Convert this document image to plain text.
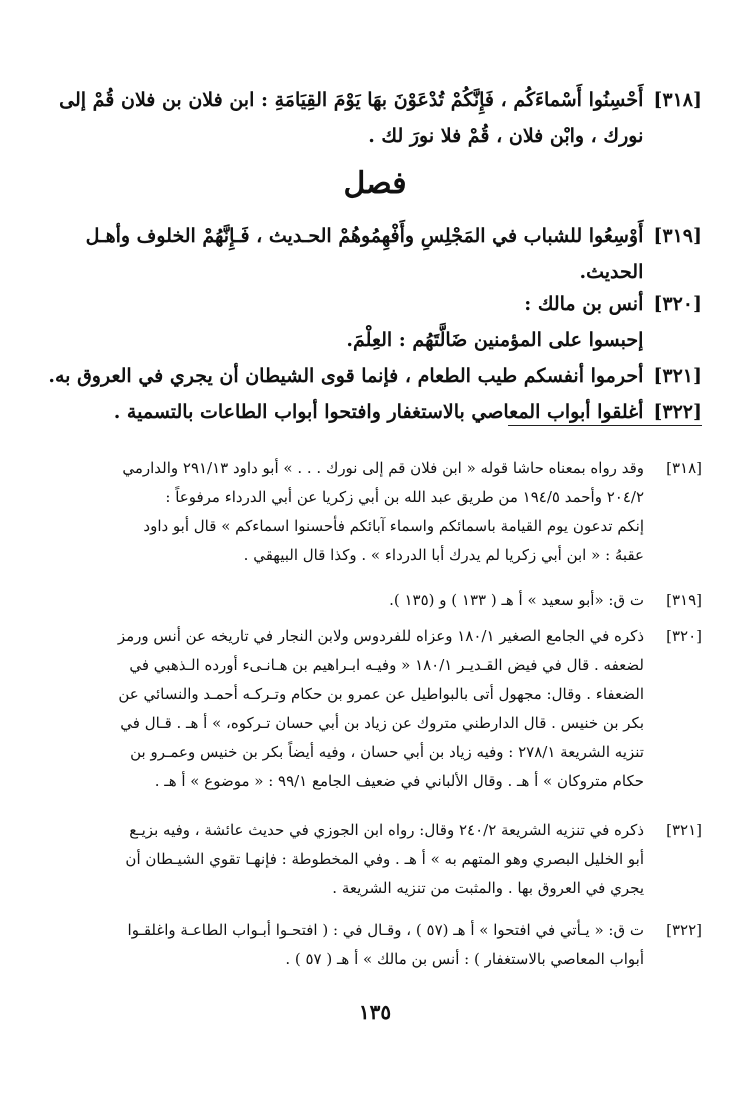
[٣١٨]

أَحْسِنُوا أَسْماءَكُم ، فَإِنَّكُمْ تُدْعَوْنَ بهَا يَوْمَ القِيَامَةِ : ابن فلان بن فلان قُمْ إلى

نورك ، وابْن فلان ، قُمْ فلا نورَ لك .

فصل
[٣١٩]

أَوْسِعُوا للشباب في المَجْلِسِ وأَفْهِمُوهُمْ الحـديث ، فَـإِنَّهُمْ الخلوف وأهـل

الحديث.

[٣٢٠]

أنس بن مالك :

إحبسوا على المؤمنين ضَالَّتَهُم : العِلْمَ.

[٣٢١]

أحرموا أنفسكم طيب الطعام ، فإنما قوى الشيطان أن يجري في العروق به.

[٣٢٢]

أغلقوا أبواب المعاصي بالاستغفار وافتحوا أبواب الطاعات بالتسمية .

[٣١٨]

وقد رواه بمعناه حاشا قوله « ابن فلان قم إلى نورك . . . » أبو داود ٢٩١/١٣ والدارمي

٢٠٤/٢ وأحمد ١٩٤/٥ من طريق عبد الله بن أبي زكريا عن أبي الدرداء مرفوعاً :

إنكم تدعون يوم القيامة باسمائكم واسماء آبائكم فأحسنوا اسماءكم » قال أبو داود

عقبهُ : « ابن أبي زكريا لم يدرك أبا الدرداء » . وكذا قال البيهقي .

[٣١٩]

ت ق: «أبو سعيد » أ هـ ( ١٣٣ ) و (١٣٥ ).

[٣٢٠]

ذكره في الجامع الصغير ١٨٠/١ وعزاه للفردوس ولابن النجار في تاريخه عن أنس ورمز

لضعفه . قال في فيض القـديـر ١٨٠/١ « وفيـه ابـراهيم بن هـانـىء أورده الـذهبي في

الضعفاء . وقال: مجهول أتى بالبواطيل عن عمرو بن حكام وتـركـه أحمـد والنسائي عن

بكر بن خنيس . قال الدارطني متروك عن زياد بن أبي حسان تـركوه، » أ هـ . قـال في

تنزيه الشريعة ٢٧٨/١ : وفيه زياد بن أبي حسان ، وفيه أيضاً بكر بن خنيس وعمـرو بن

حكام متروكان » أ هـ . وقال الألباني في ضعيف الجامع ٩٩/١ : « موضوع » أ هـ .

[٣٢١]

ذكره في تنزيه الشريعة ٢٤٠/٢ وقال: رواه ابن الجوزي في حديث عائشة ، وفيه بزيـع

أبو الخليل البصري وهو المتهم به » أ هـ . وفي المخطوطة : فإنهـا تقوي الشيـطان أن

يجري في العروق بها . والمثبت من تنزيه الشريعة .

[٣٢٢]

ت ق: « يـأتي في افتحوا » أ هـ (٥٧ ) ، وقـال في : ( افتحـوا أبـواب الطاعـة واغلقـوا

أبواب المعاصي بالاستغفار ) : أنس بن مالك » أ هـ ( ٥٧ ) .

١٣٥
